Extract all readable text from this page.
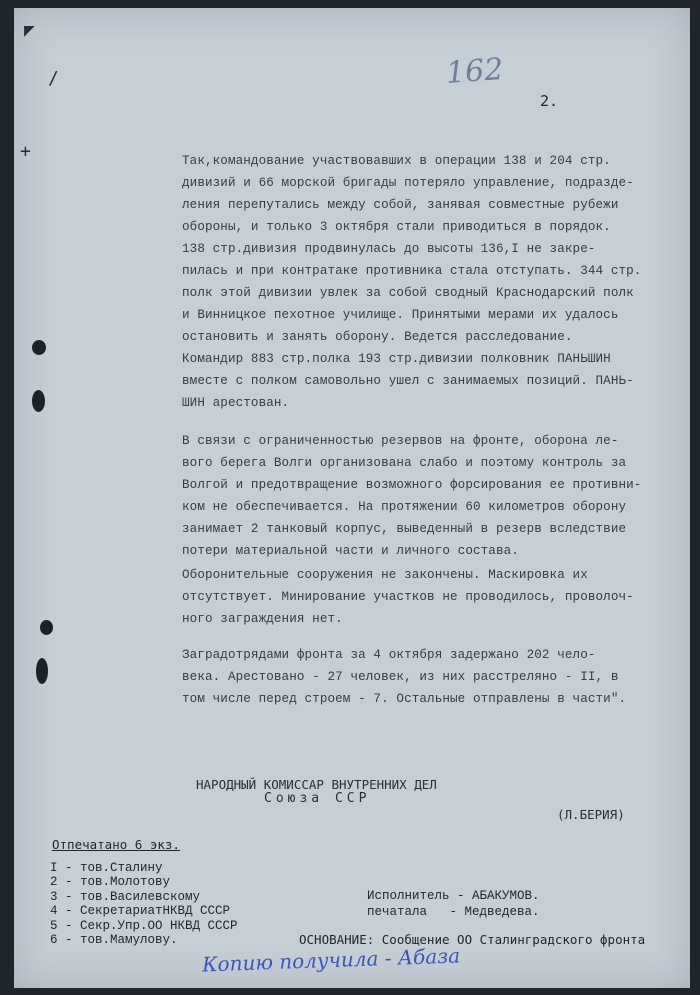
162
2.
◤
/
+	Так,командование участвовавших в операции 138 и 204 стр.
дивизий и 66 морской бригады потеряло управление, подразде-
ления перепутались между собой, занявая совместные рубежи
обороны, и только 3 октября стали приводиться в порядок.
138 стр.дивизия продвинулась до высоты 136,I не закре-
пилась и при контратаке противника стала отступать. 344 стр.
полк этой дивизии увлек за собой сводный Краснодарский полк
и Винницкое пехотное училище. Принятыми мерами их удалось
остановить и занять оборону. Ведется расследование.
Командир 883 стр.полка 193 стр.дивизии полковник ПАНЬШИН
вместе с полком самовольно ушел с занимаемых позиций. ПАНЬ-
ШИН арестован.
В связи с ограниченностью резервов на фронте, оборона ле-
вого берега Волги организована слабо и поэтому контроль за
Волгой и предотвращение возможного форсирования ее противни-
ком не обеспечивается. На протяжении 60 километров оборону
занимает 2 танковый корпус, выведенный в резерв вследствие
потери материальной части и личного состава.
Оборонительные сооружения не закончены. Маскировка их
отсутствует. Минирование участков не проводилось, проволоч-
ного заграждения нет.
Заградотрядами фронта за 4 октября задержано 202 чело-
века. Арестовано - 27 человек, из них расстреляно - II, в
том числе перед строем - 7. Остальные отправлены в части".
НАРОДНЫЙ КОМИССАР ВНУТРЕННИХ ДЕЛ
Союза ССР
(Л.БЕРИЯ)
Отпечатано 6 экз.
I - тов.Сталину
2 - тов.Молотову
3 - тов.Василевскому
4 - СекретариатНКВД СССР
5 - Секр.Упр.ОО НКВД СССР
6 - тов.Мамулову.
Исполнитель - АБАКУМОВ.
печатала   - Медведева.
ОСНОВАНИЕ: Сообщение ОО Сталинградского фронта
Копию получила - Абаза
